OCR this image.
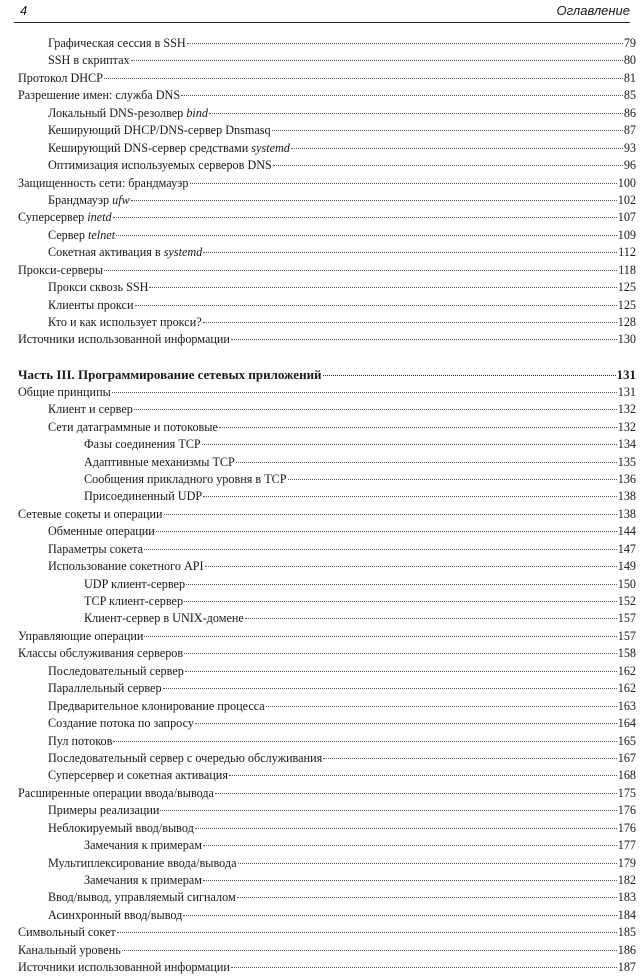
4	Оглавление
Графическая сессия в SSH	79
SSH в скриптах	80
Протокол DHCP	81
Разрешение имен: служба DNS	85
Локальный DNS-резолвер bind	86
Кеширующий DHCP/DNS-сервер Dnsmasq	87
Кеширующий DNS-сервер средствами systemd	93
Оптимизация используемых серверов DNS	96
Защищенность сети: брандмауэр	100
Брандмауэр ufw	102
Суперсервер inetd	107
Сервер telnet	109
Сокетная активация в systemd	112
Прокси-серверы	118
Прокси сквозь SSH	125
Клиенты прокси	125
Кто и как использует прокси?	128
Источники использованной информации	130
Часть III. Программирование сетевых приложений	131
Общие принципы	131
Клиент и сервер	132
Сети датаграммные и потоковые	132
Фазы соединения TCP	134
Адаптивные механизмы TCP	135
Сообщения прикладного уровня в TCP	136
Присоединенный UDP	138
Сетевые сокеты и операции	138
Обменные операции	144
Параметры сокета	147
Использование сокетного API	149
UDP клиент-сервер	150
TCP клиент-сервер	152
Клиент-сервер в UNIX-домене	157
Управляющие операции	157
Классы обслуживания серверов	158
Последовательный сервер	162
Параллельный сервер	162
Предварительное клонирование процесса	163
Создание потока по запросу	164
Пул потоков	165
Последовательный сервер с очередью обслуживания	167
Суперсервер и сокетная активация	168
Расширенные операции ввода/вывода	175
Примеры реализации	176
Неблокируемый ввод/вывод	176
Замечания к примерам	177
Мультиплексирование ввода/вывода	179
Замечания к примерам	182
Ввод/вывод, управляемый сигналом	183
Асинхронный ввод/вывод	184
Символьный сокет	185
Канальный уровень	186
Источники использованной информации	187
